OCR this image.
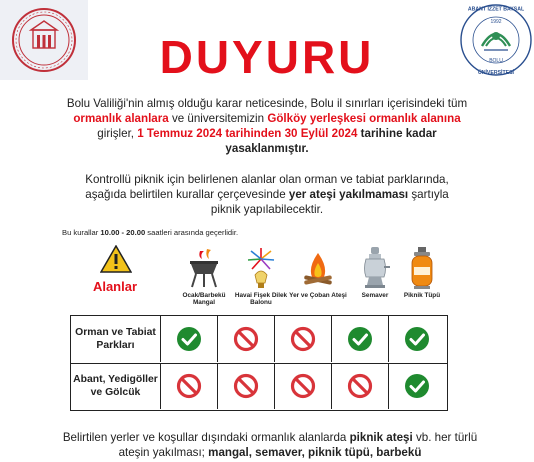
1992
BOLU
ABANT İZZET BAYSAL
ÜNİVERSİTESİ
DUYURU
Bolu Valiliği'nin almış olduğu karar neticesinde, Bolu il sınırları içerisindeki tüm ormanlık alanlara ve üniversitemizin Gölköy yerleşkesi ormanlık alanına girişler, 1 Temmuz 2024 tarihinden 30 Eylül 2024 tarihine kadar yasaklanmıştır.
Kontrollü piknik için belirlenen alanlar olan orman ve tabiat parklarında, aşağıda belirtilen kurallar çerçevesinde yer ateşi yakılmaması şartıyla piknik yapılabilecektir.
Bu kurallar 10.00 - 20.00 saatleri arasında geçerlidir.
Alanlar
Ocak/Barbekü Mangal
Havai Fişek Dilek Balonu
Yer ve Çoban Ateşi	Semaver	Piknik Tüpü
Orman ve Tabiat Parkları
Abant, Yedigöller ve Gölcük
Belirtilen yerler ve koşullar dışındaki ormanlık alanlarda piknik ateşi vb. her türlü ateşin yakılması; mangal, semaver, piknik tüpü, barbekü
